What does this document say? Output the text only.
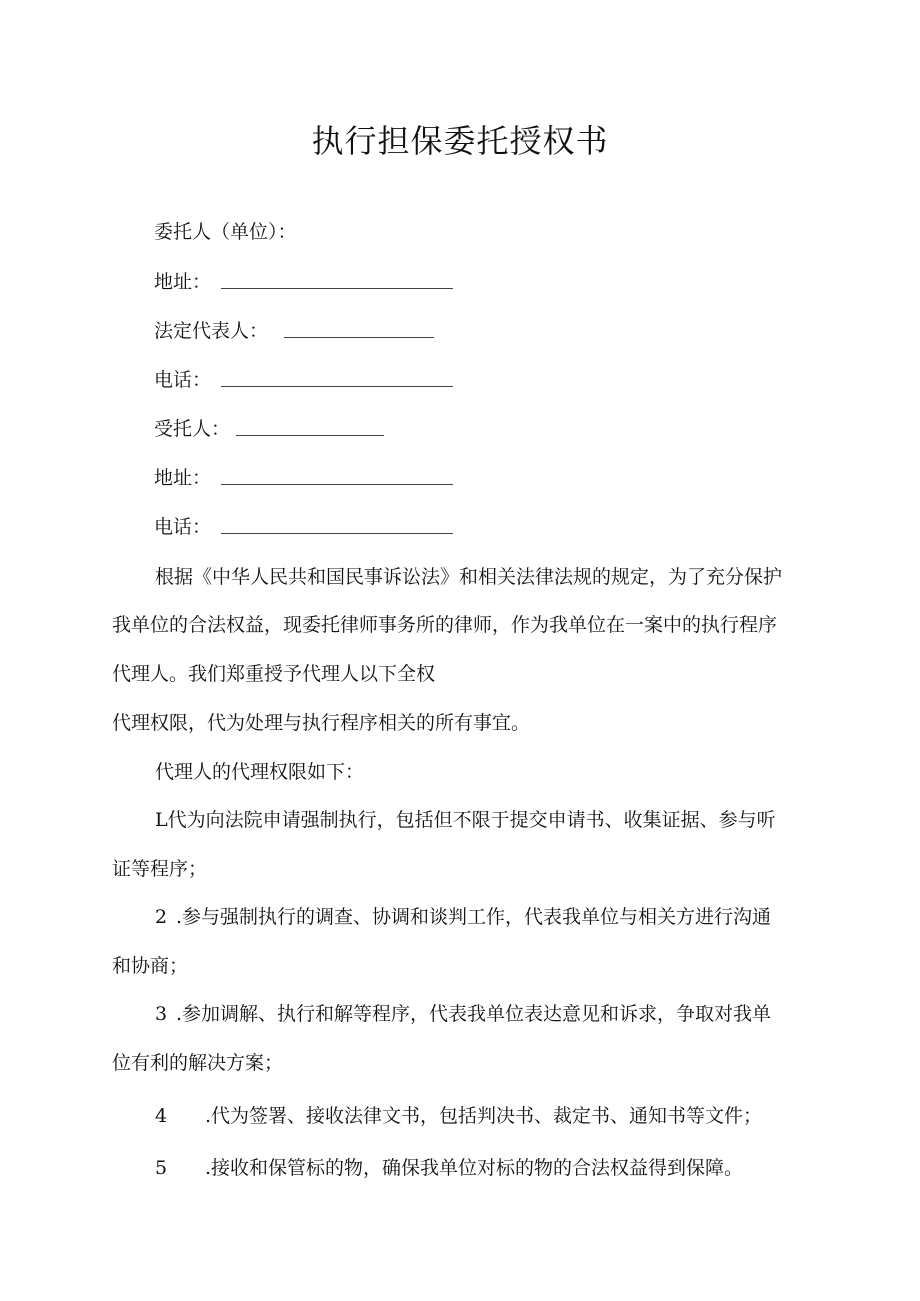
执行担保委托授权书
委托人（单位）：
地址：
法定代表人：
电话：
受托人：
地址：
电话：
根据《中华人民共和国民事诉讼法》和相关法律法规的规定，为了充分保护
我单位的合法权益，现委托律师事务所的律师，作为我单位在一案中的执行程序
代理人。我们郑重授予代理人以下全权
代理权限，代为处理与执行程序相关的所有事宜。
代理人的代理权限如下：
L代为向法院申请强制执行，包括但不限于提交申请书、收集证据、参与听
证等程序；
2 .参与强制执行的调查、协调和谈判工作，代表我单位与相关方进行沟通
和协商；
3 .参加调解、执行和解等程序，代表我单位表达意见和诉求，争取对我单
位有利的解决方案；
4 .代为签署、接收法律文书，包括判决书、裁定书、通知书等文件；
5 .接收和保管标的物，确保我单位对标的物的合法权益得到保障。
